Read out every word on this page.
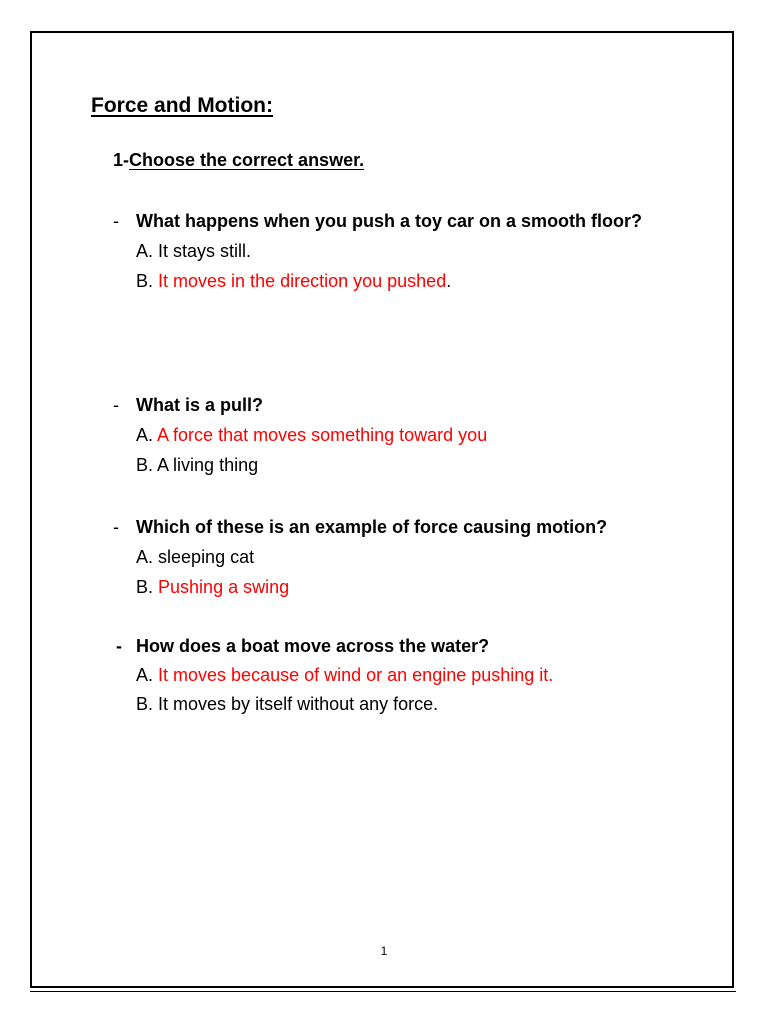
Force and Motion:
1-Choose the correct answer.
- What happens when you push a toy car on a smooth floor?
A. It stays still.
B. It moves in the direction you pushed.
- What is a pull?
A. A force that moves something toward you
B. A living thing
- Which of these is an example of force causing motion?
A. sleeping cat
B. Pushing a swing
- How does a boat move across the water?
A. It moves because of wind or an engine pushing it.
B. It moves by itself without any force.
1
